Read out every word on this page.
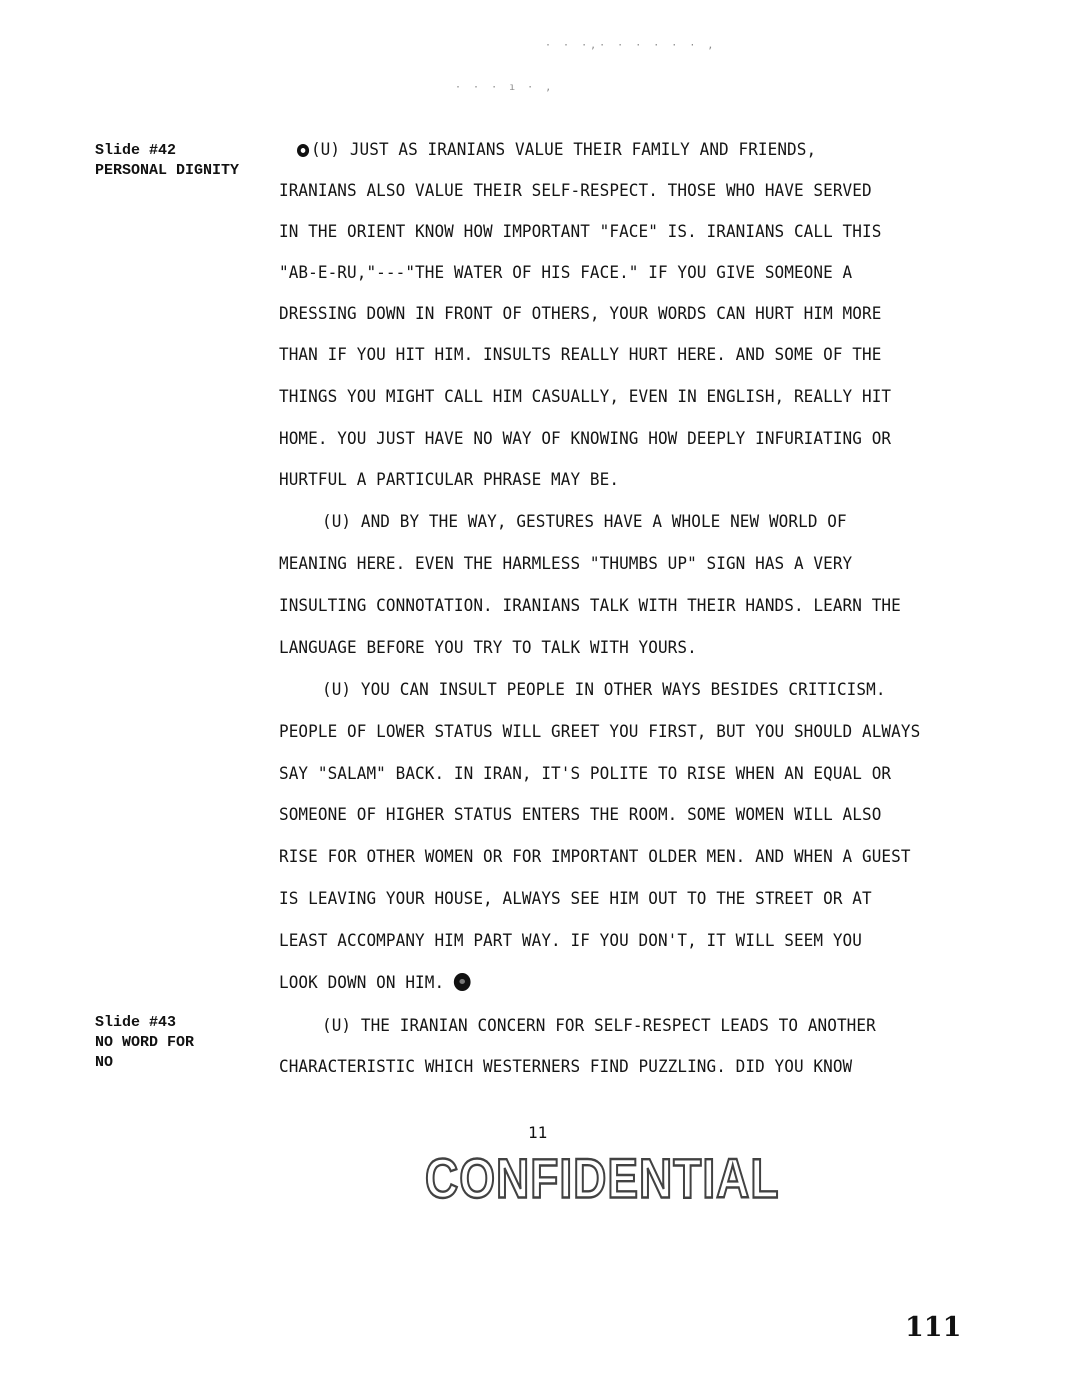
· · ·,· · · · · · ,
· · · ı · ,
Slide #42
PERSONAL DIGNITY
Slide #43
NO WORD FOR
NO
(U) JUST AS IRANIANS VALUE THEIR FAMILY AND FRIENDS,
IRANIANS ALSO VALUE THEIR SELF-RESPECT. THOSE WHO HAVE SERVED
IN THE ORIENT KNOW HOW IMPORTANT "FACE" IS. IRANIANS CALL THIS
"AB-E-RU,"---"THE WATER OF HIS FACE." IF YOU GIVE SOMEONE A
DRESSING DOWN IN FRONT OF OTHERS, YOUR WORDS CAN HURT HIM MORE
THAN IF YOU HIT HIM. INSULTS REALLY HURT HERE. AND SOME OF THE
THINGS YOU MIGHT CALL HIM CASUALLY, EVEN IN ENGLISH, REALLY HIT
HOME. YOU JUST HAVE NO WAY OF KNOWING HOW DEEPLY INFURIATING OR
HURTFUL A PARTICULAR PHRASE MAY BE.
(U) AND BY THE WAY, GESTURES HAVE A WHOLE NEW WORLD OF
MEANING HERE. EVEN THE HARMLESS "THUMBS UP" SIGN HAS A VERY
INSULTING CONNOTATION. IRANIANS TALK WITH THEIR HANDS. LEARN THE
LANGUAGE BEFORE YOU TRY TO TALK WITH YOURS.
(U) YOU CAN INSULT PEOPLE IN OTHER WAYS BESIDES CRITICISM.
PEOPLE OF LOWER STATUS WILL GREET YOU FIRST, BUT YOU SHOULD ALWAYS
SAY "SALAM" BACK. IN IRAN, IT'S POLITE TO RISE WHEN AN EQUAL OR
SOMEONE OF HIGHER STATUS ENTERS THE ROOM. SOME WOMEN WILL ALSO
RISE FOR OTHER WOMEN OR FOR IMPORTANT OLDER MEN. AND WHEN A GUEST
IS LEAVING YOUR HOUSE, ALWAYS SEE HIM OUT TO THE STREET OR AT
LEAST ACCOMPANY HIM PART WAY. IF YOU DON'T, IT WILL SEEM YOU
LOOK DOWN ON HIM.
(U) THE IRANIAN CONCERN FOR SELF-RESPECT LEADS TO ANOTHER
CHARACTERISTIC WHICH WESTERNERS FIND PUZZLING. DID YOU KNOW
11
CONFIDENTIAL
111
